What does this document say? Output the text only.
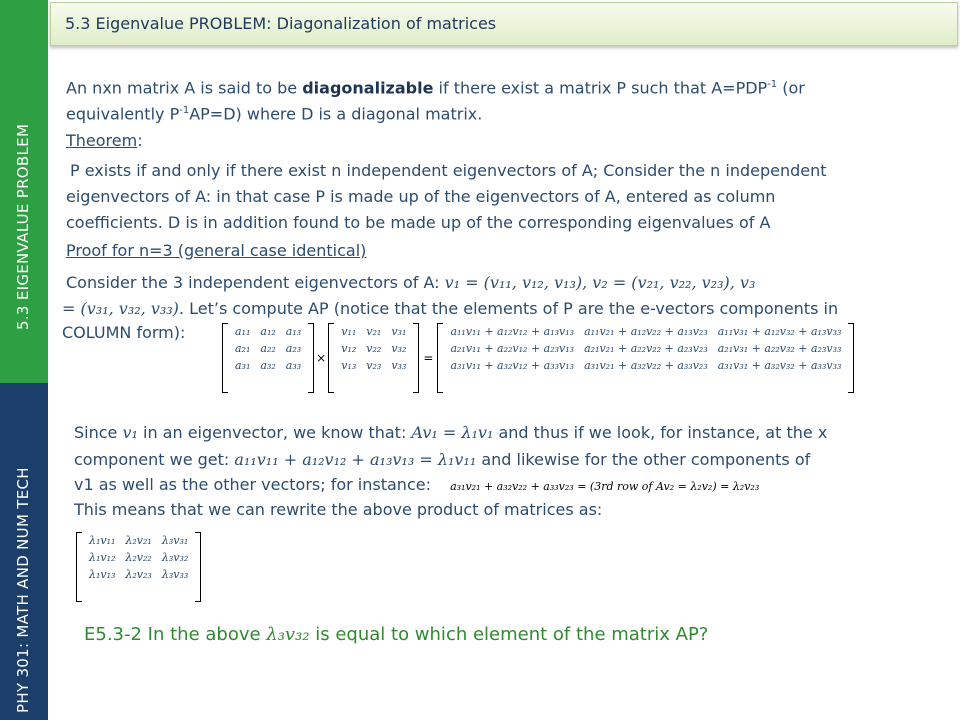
5.3 EIGENVALUE PROBLEM
PHY 301: MATH AND NUM TECH
5.3 Eigenvalue PROBLEM: Diagonalization of matrices
An nxn matrix A is said to be diagonalizable if there exist a matrix P such that $A=PDP^{-1}$ (or
equivalently $P^{-1}AP=D$) where D is a diagonal matrix.
Theorem:
P exists if and only if there exist n independent eigenvectors of A; Consider the n independent
eigenvectors of A: in that case P is made up of the eigenvectors of A, entered as column
coefficients. D is in addition found to be made up of the corresponding eigenvalues of A
Proof for n=3 (general case identical)
Consider the 3 independent eigenvectors of A: v₁ = (v₁₁, v₁₂, v₁₃), v₂ = (v₂₁, v₂₂, v₂₃), v₃
= (v₃₁, v₃₂, v₃₃). Let’s compute AP (notice that the elements of P are the e-vectors components in
COLUMN form):	a₁₁	a₁₂	a₁₃
a₂₁	a₂₂	a₂₃
a₃₁	a₃₂	a₃₃
×
v₁₁	v₂₁	v₃₁
v₁₂	v₂₂	v₃₂
v₁₃	v₂₃	v₃₃
=
a₁₁v₁₁ + a₁₂v₁₂ + a₁₃v₁₃	a₁₁v₂₁ + a₁₂v₂₂ + a₁₃v₂₃	a₁₁v₃₁ + a₁₂v₃₂ + a₁₃v₃₃
a₂₁v₁₁ + a₂₂v₁₂ + a₂₃v₁₃	a₂₁v₂₁ + a₂₂v₂₂ + a₂₃v₂₃	a₂₁v₃₁ + a₂₂v₃₂ + a₂₃v₃₃
a₃₁v₁₁ + a₃₂v₁₂ + a₃₃v₁₃	a₃₁v₂₁ + a₃₂v₂₂ + a₃₃v₂₃	a₃₁v₃₁ + a₃₂v₃₂ + a₃₃v₃₃
Since v₁ in an eigenvector, we know that: Av₁ = λ₁v₁ and thus if we look, for instance, at the x
component we get: a₁₁v₁₁ + a₁₂v₁₂ + a₁₃v₁₃ = λ₁v₁₁ and likewise for the other components of
v1 as well as the other vectors; for instance: a₃₁v₂₁ + a₃₂v₂₂ + a₃₃v₂₃ = (3rd row of Av₂ = λ₂v₂) = λ₂v₂₃
This means that we can rewrite the above product of matrices as:
λ₁v₁₁	λ₂v₂₁	λ₃v₃₁
λ₁v₁₂	λ₂v₂₂	λ₃v₃₂
λ₁v₁₃	λ₂v₂₃	λ₃v₃₃
E5.3-2 In the above λ₃v₃₂ is equal to which element of the matrix AP?
